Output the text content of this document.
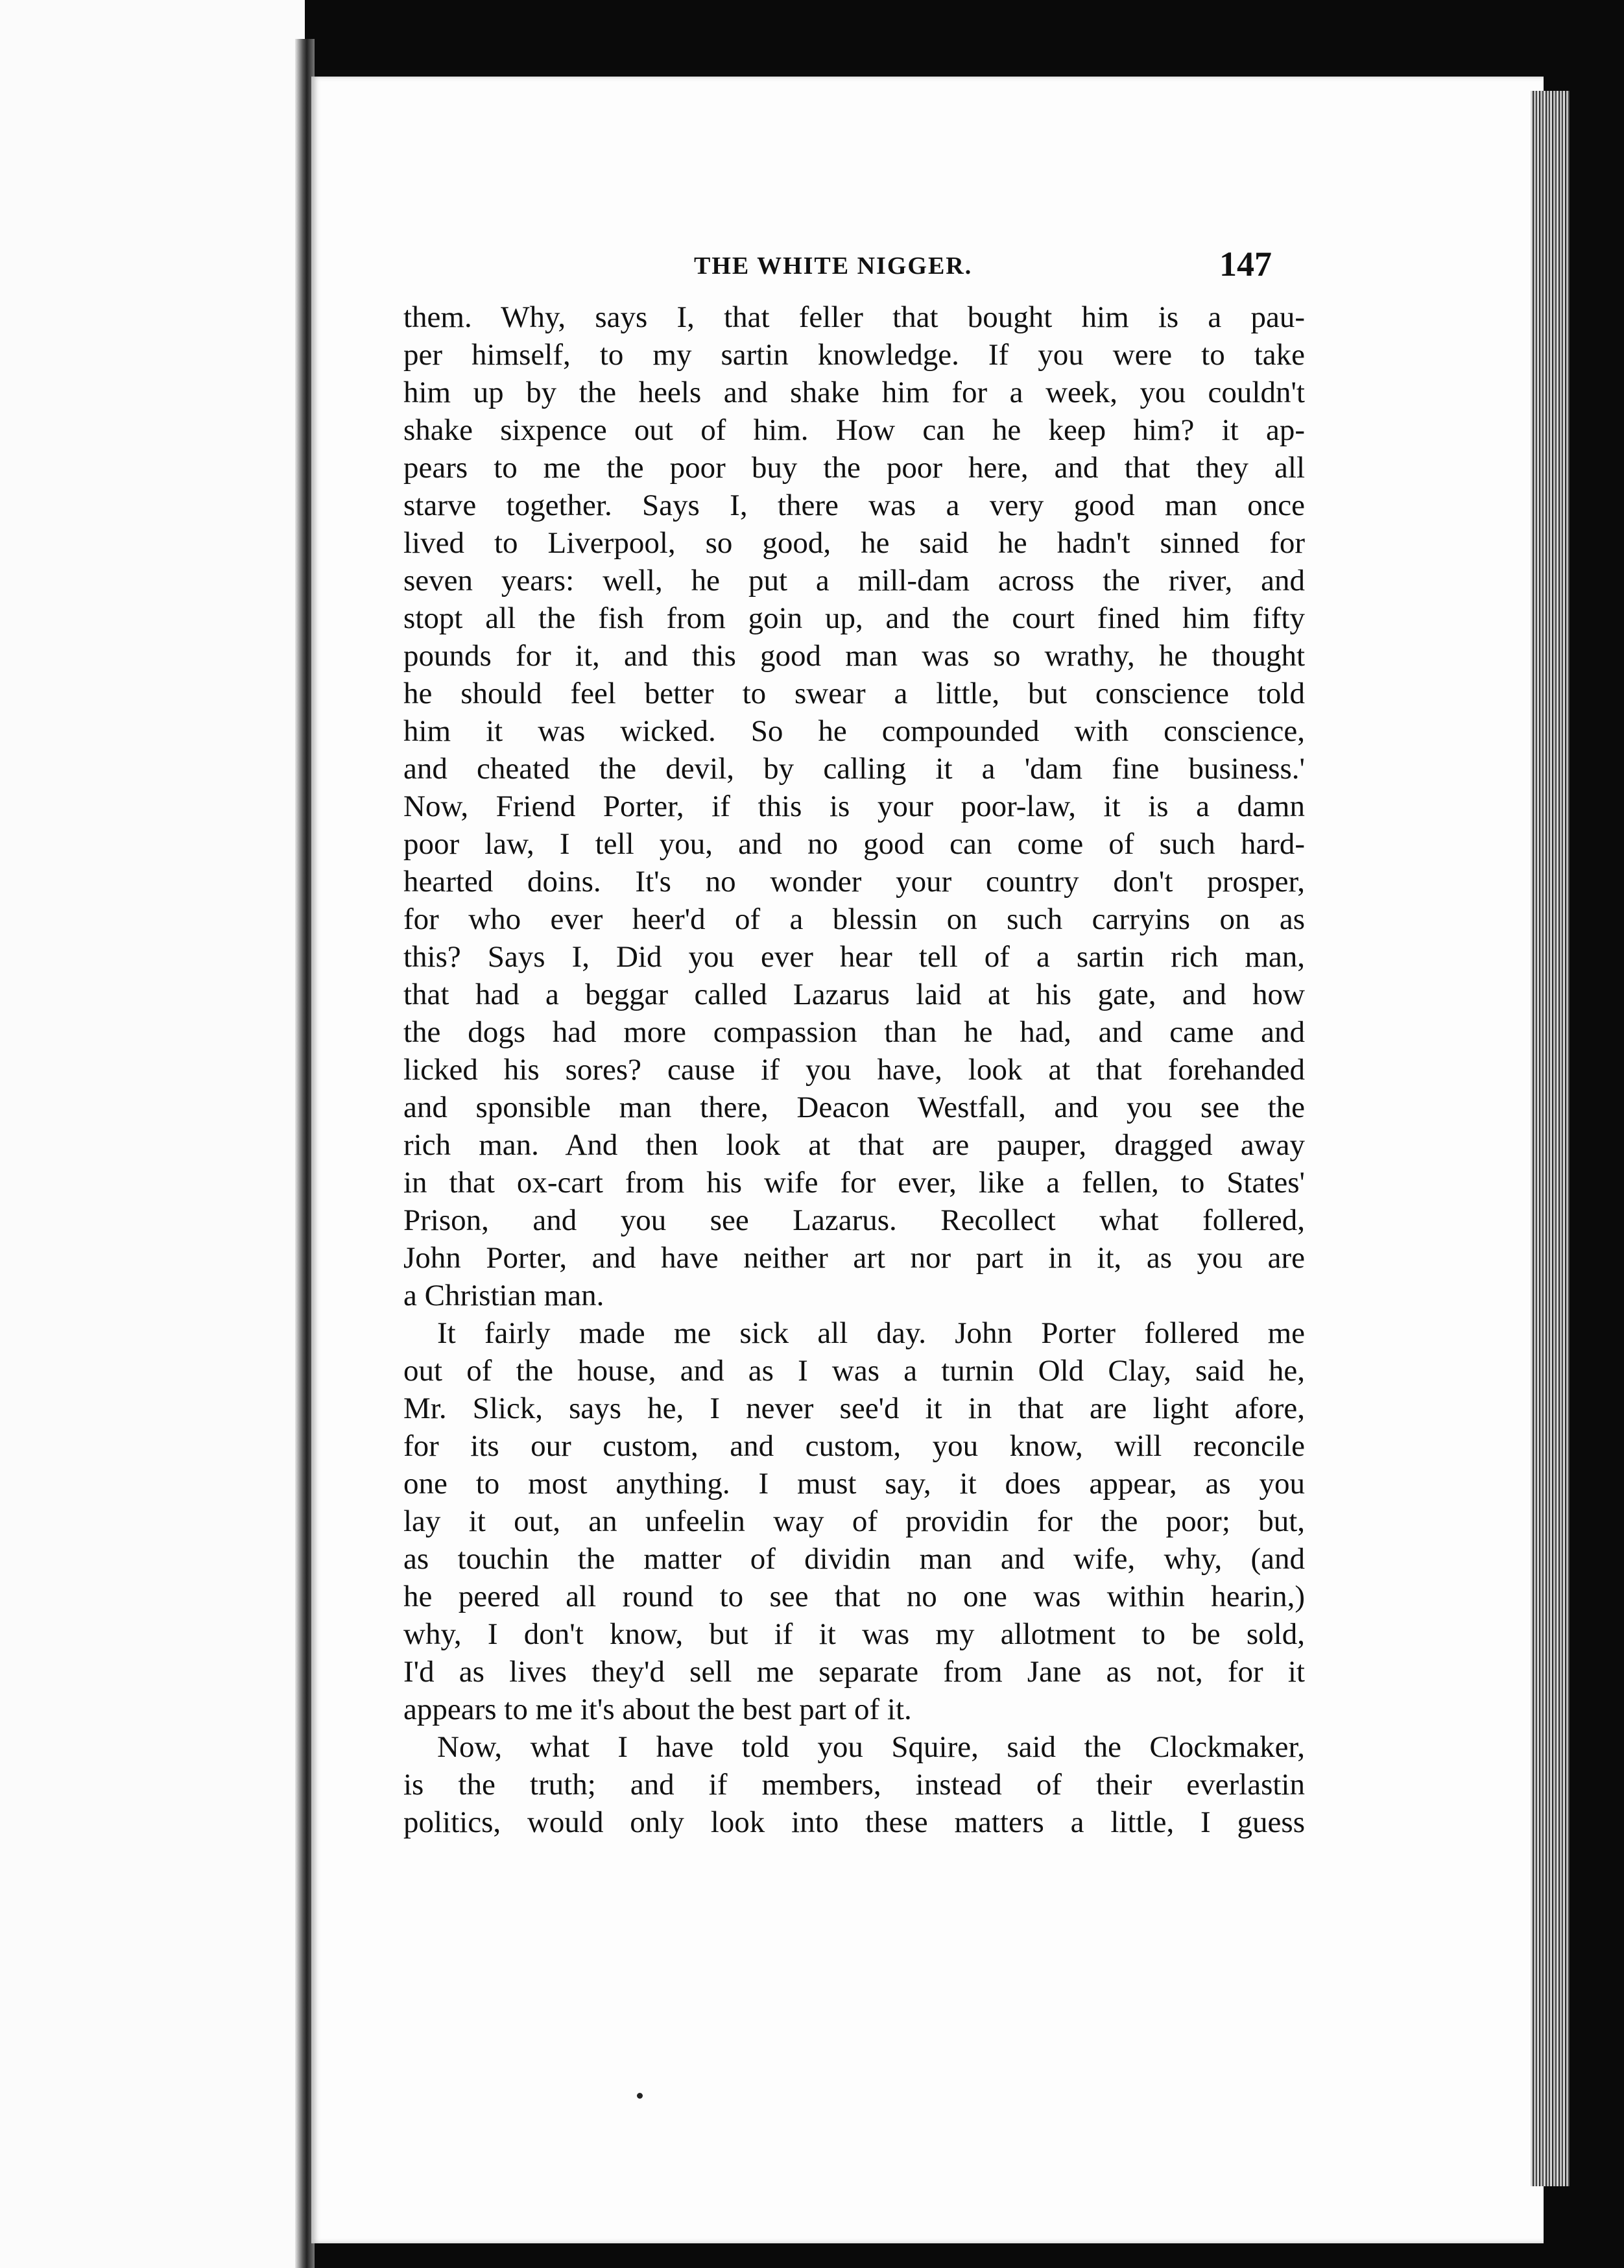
THE WHITE NIGGER.	147
them. Why, says I, that feller that bought him is a pau-
per himself, to my sartin knowledge. If you were to take
him up by the heels and shake him for a week, you couldn't
shake sixpence out of him. How can he keep him? it ap-
pears to me the poor buy the poor here, and that they all
starve together. Says I, there was a very good man once
lived to Liverpool, so good, he said he hadn't sinned for
seven years: well, he put a mill-dam across the river, and
stopt all the fish from goin up, and the court fined him fifty
pounds for it, and this good man was so wrathy, he thought
he should feel better to swear a little, but conscience told
him it was wicked. So he compounded with conscience,
and cheated the devil, by calling it a 'dam fine business.'
Now, Friend Porter, if this is your poor-law, it is a damn
poor law, I tell you, and no good can come of such hard-
hearted doins. It's no wonder your country don't prosper,
for who ever heer'd of a blessin on such carryins on as
this? Says I, Did you ever hear tell of a sartin rich man,
that had a beggar called Lazarus laid at his gate, and how
the dogs had more compassion than he had, and came and
licked his sores? cause if you have, look at that forehanded
and sponsible man there, Deacon Westfall, and you see the
rich man. And then look at that are pauper, dragged away
in that ox-cart from his wife for ever, like a fellen, to States'
Prison, and you see Lazarus. Recollect what follered,
John Porter, and have neither art nor part in it, as you are
a Christian man.
It fairly made me sick all day. John Porter follered me
out of the house, and as I was a turnin Old Clay, said he,
Mr. Slick, says he, I never see'd it in that are light afore,
for its our custom, and custom, you know, will reconcile
one to most anything. I must say, it does appear, as you
lay it out, an unfeelin way of providin for the poor; but,
as touchin the matter of dividin man and wife, why, (and
he peered all round to see that no one was within hearin,)
why, I don't know, but if it was my allotment to be sold,
I'd as lives they'd sell me separate from Jane as not, for it
appears to me it's about the best part of it.
Now, what I have told you Squire, said the Clockmaker,
is the truth; and if members, instead of their everlastin
politics, would only look into these matters a little, I guess
